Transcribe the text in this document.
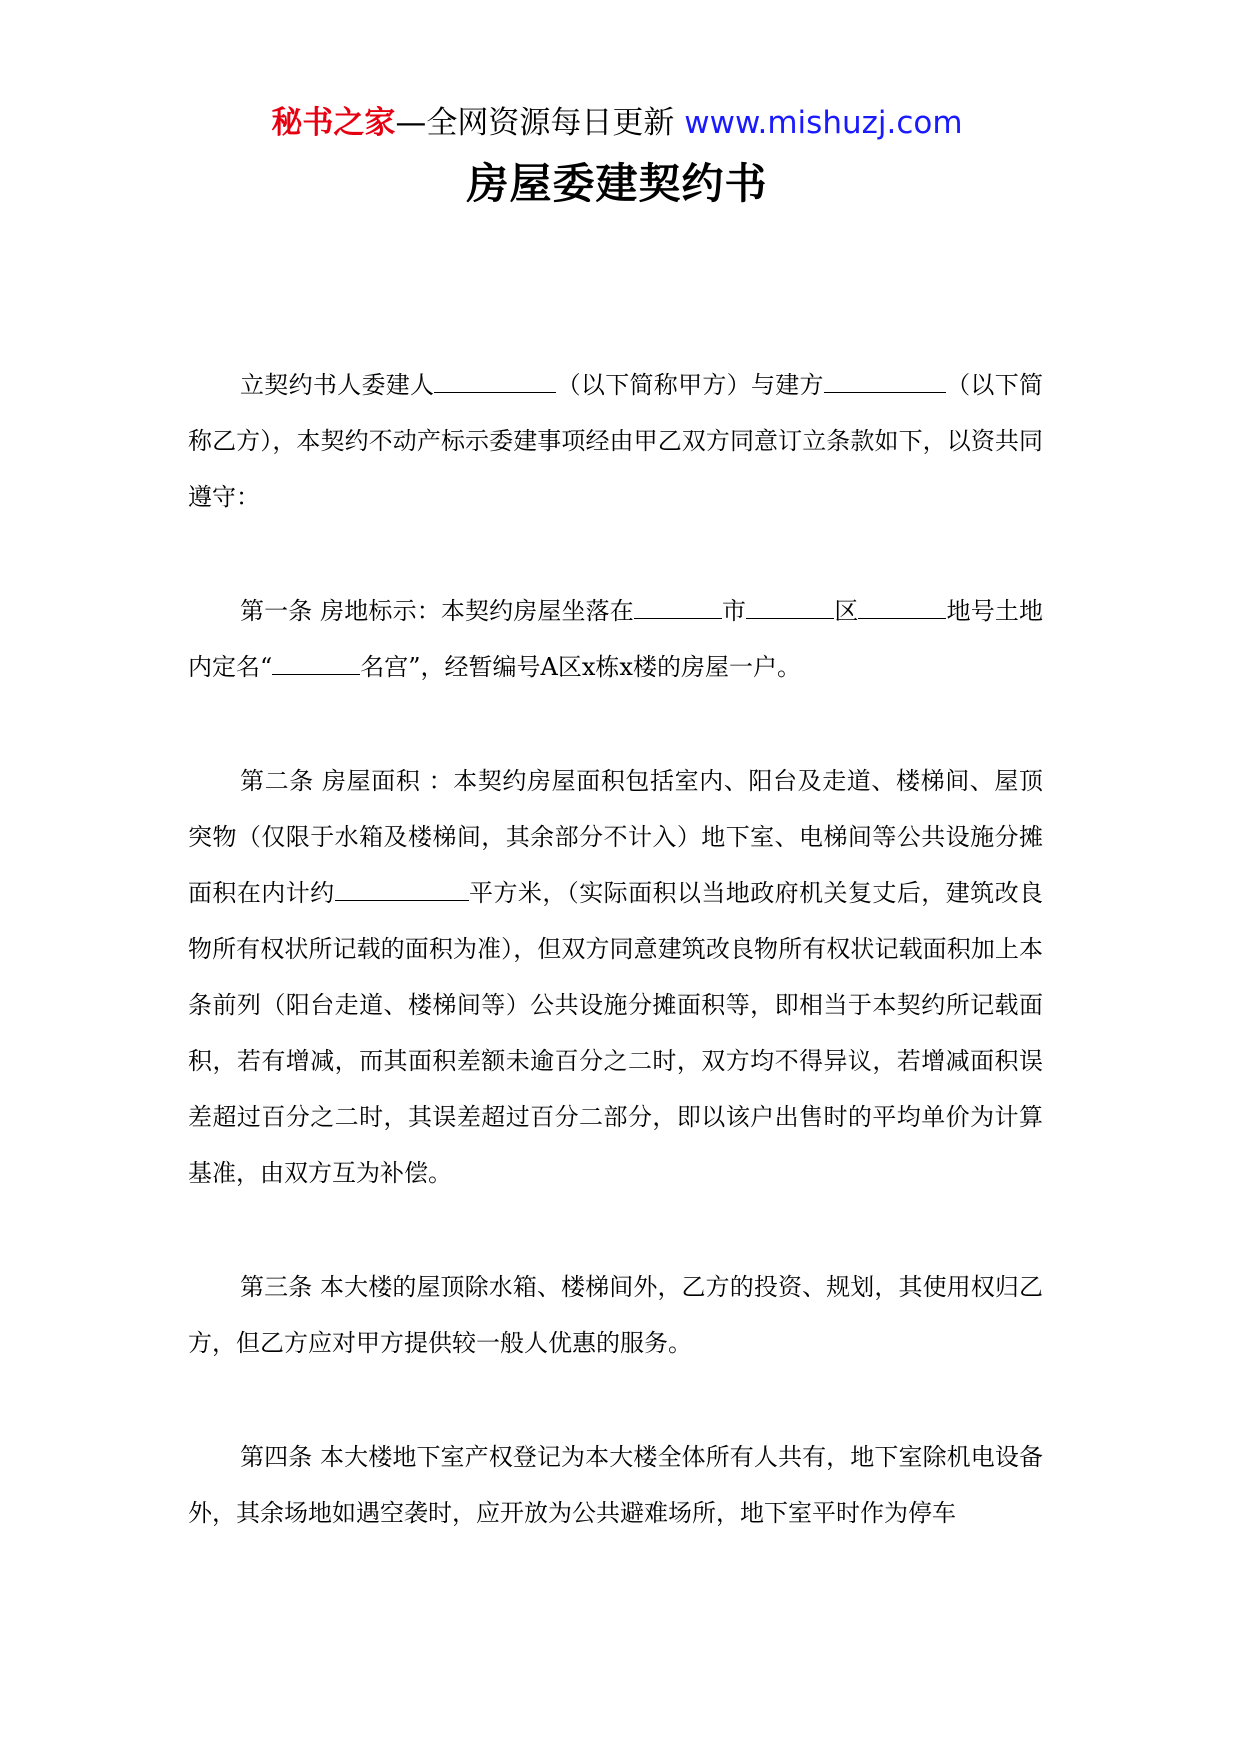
秘书之家—全网资源每日更新 www.mishuzj.com
房屋委建契约书

立契约书人委建人	（以下简称甲方）与建方	（以下简称乙方），本契约不动产标示委建事项经由甲乙双方同意订立条款如下，以资共同遵守：

第一条 房地标示：本契约房屋坐落在	市	区	地号土地内定名“	名宫”，经暂编号A区x栋x楼的房屋一户。

第二条 房屋面积 ：本契约房屋面积包括室内、阳台及走道、楼梯间、屋顶突物（仅限于水箱及楼梯间，其余部分不计入）地下室、电梯间等公共设施分摊面积在内计约	平方米，（实际面积以当地政府机关复丈后，建筑改良物所有权状所记载的面积为准），但双方同意建筑改良物所有权状记载面积加上本条前列（阳台走道、楼梯间等）公共设施分摊面积等，即相当于本契约所记载面积，若有增减，而其面积差额未逾百分之二时，双方均不得异议，若增减面积误差超过百分之二时，其误差超过百分二部分，即以该户出售时的平均单价为计算基准，由双方互为补偿。

第三条 本大楼的屋顶除水箱、楼梯间外，乙方的投资、规划，其使用权归乙方，但乙方应对甲方提供较一般人优惠的服务。

第四条 本大楼地下室产权登记为本大楼全体所有人共有，地下室除机电设备外，其余场地如遇空袭时，应开放为公共避难场所，地下室平时作为停车
